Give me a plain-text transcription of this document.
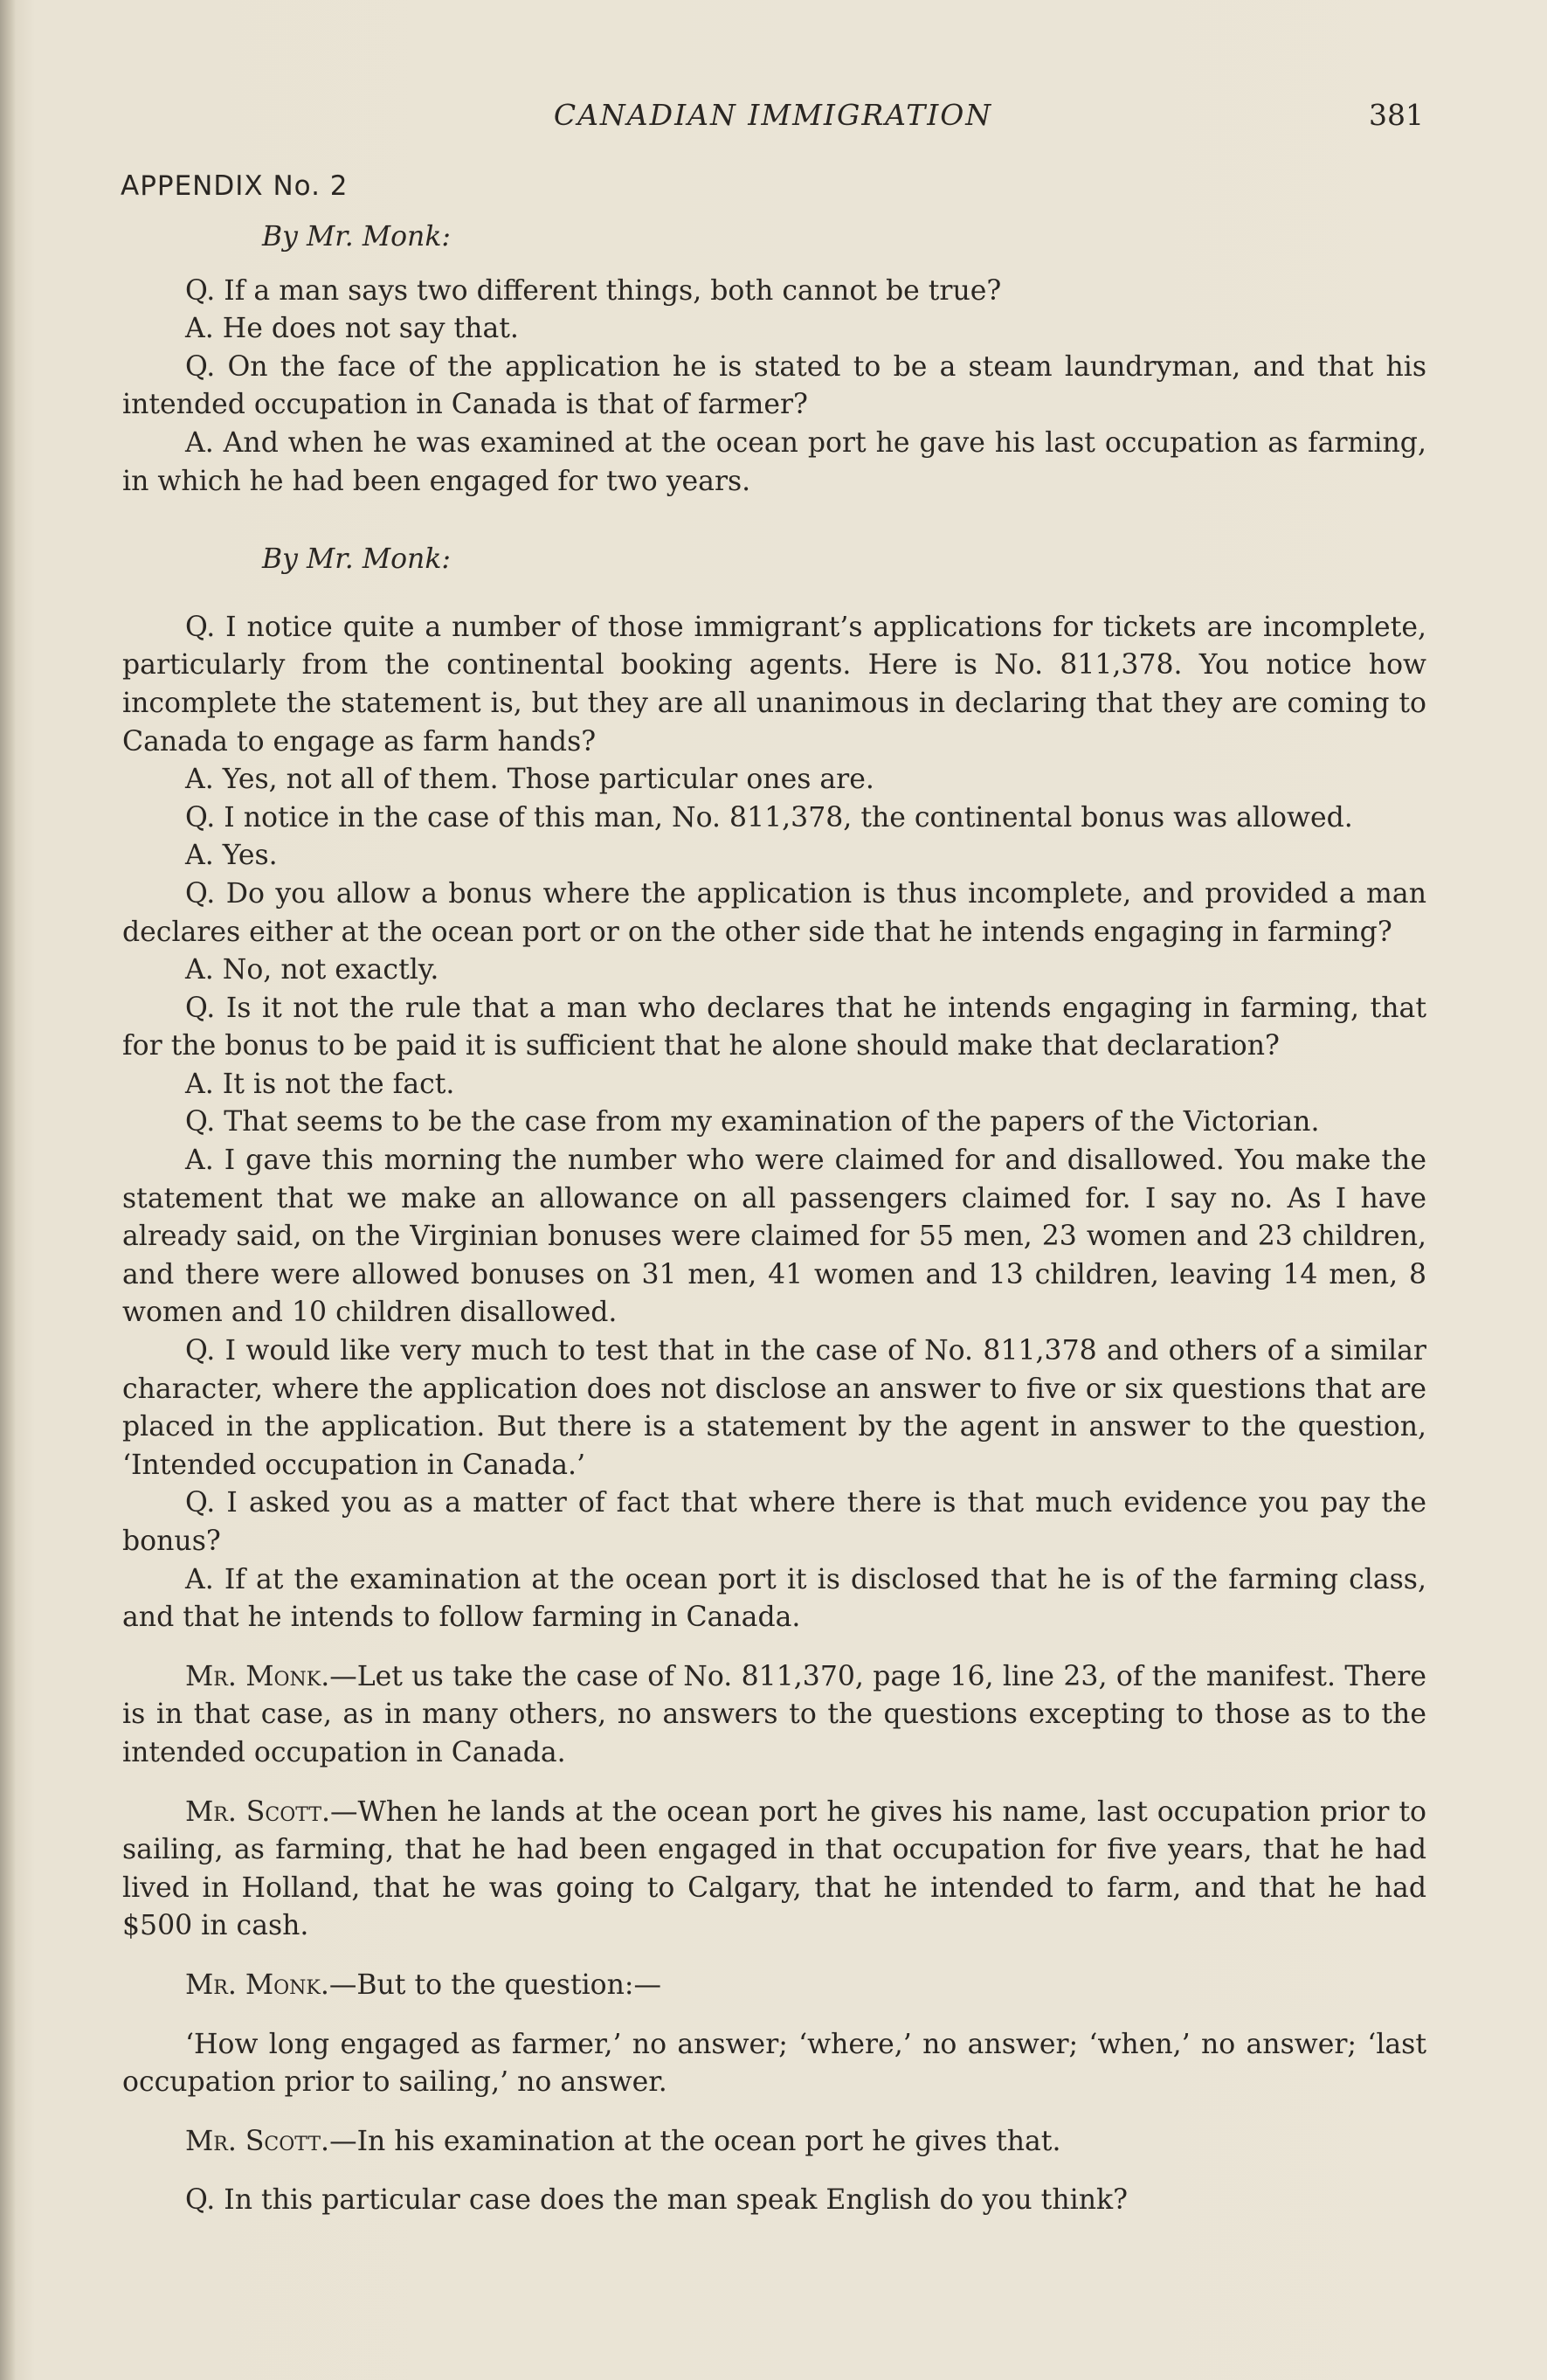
CANADIAN IMMIGRATION	381
APPENDIX No. 2

By Mr. Monk:

Q. If a man says two different things, both cannot be true?

A. He does not say that.

Q. On the face of the application he is stated to be a steam laundryman, and that his intended occupation in Canada is that of farmer?

A. And when he was examined at the ocean port he gave his last occupation as farming, in which he had been engaged for two years.

By Mr. Monk:

Q. I notice quite a number of those immigrant’s applications for tickets are incomplete, particularly from the continental booking agents. Here is No. 811,378. You notice how incomplete the statement is, but they are all unanimous in declaring that they are coming to Canada to engage as farm hands?

A. Yes, not all of them. Those particular ones are.

Q. I notice in the case of this man, No. 811,378, the continental bonus was allowed.

A. Yes.

Q. Do you allow a bonus where the application is thus incomplete, and provided a man declares either at the ocean port or on the other side that he intends engaging in farming?

A. No, not exactly.

Q. Is it not the rule that a man who declares that he intends engaging in farming, that for the bonus to be paid it is sufficient that he alone should make that declaration?

A. It is not the fact.

Q. That seems to be the case from my examination of the papers of the Victorian.

A. I gave this morning the number who were claimed for and disallowed. You make the statement that we make an allowance on all passengers claimed for. I say no. As I have already said, on the Virginian bonuses were claimed for 55 men, 23 women and 23 children, and there were allowed bonuses on 31 men, 41 women and 13 children, leaving 14 men, 8 women and 10 children disallowed.

Q. I would like very much to test that in the case of No. 811,378 and others of a similar character, where the application does not disclose an answer to five or six questions that are placed in the application. But there is a statement by the agent in answer to the question, ‘Intended occupation in Canada.’

Q. I asked you as a matter of fact that where there is that much evidence you pay the bonus?

A. If at the examination at the ocean port it is disclosed that he is of the farming class, and that he intends to follow farming in Canada.

Mr. Monk.—Let us take the case of No. 811,370, page 16, line 23, of the manifest. There is in that case, as in many others, no answers to the questions excepting to those as to the intended occupation in Canada.

Mr. Scott.—When he lands at the ocean port he gives his name, last occupation prior to sailing, as farming, that he had been engaged in that occupation for five years, that he had lived in Holland, that he was going to Calgary, that he intended to farm, and that he had $500 in cash.

Mr. Monk.—But to the question:—

‘How long engaged as farmer,’ no answer; ‘where,’ no answer; ‘when,’ no answer; ‘last occupation prior to sailing,’ no answer.

Mr. Scott.—In his examination at the ocean port he gives that.

Q. In this particular case does the man speak English do you think?
